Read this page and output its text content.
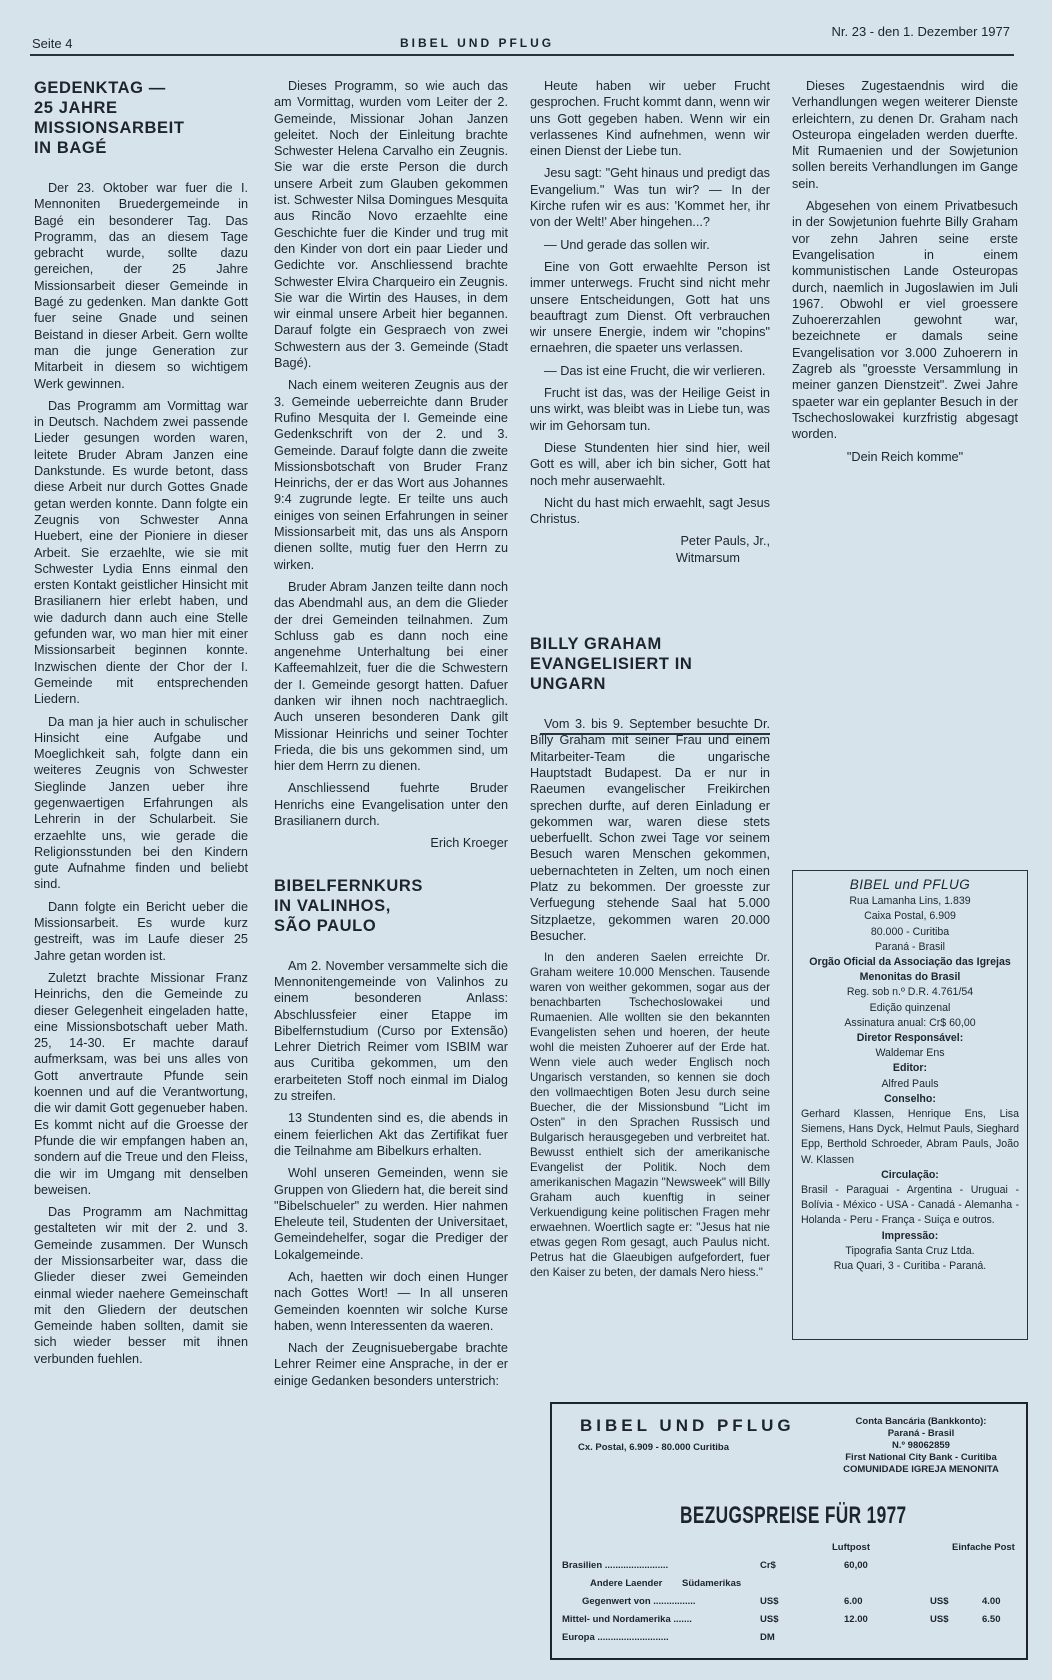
Seite 4	BIBEL UND PFLUG
Nr. 23 - den 1. Dezember 1977
GEDENKTAG —
25 JAHRE
MISSIONSARBEIT
IN BAGÉ

Der 23. Oktober war fuer die I. Mennoniten Bruedergemeinde in Bagé ein besonderer Tag. Das Programm, das an diesem Tage gebracht wurde, sollte dazu gereichen, der 25 Jahre Missionsarbeit dieser Gemeinde in Bagé zu gedenken. Man dankte Gott fuer seine Gnade und seinen Beistand in dieser Arbeit. Gern wollte man die junge Generation zur Mitarbeit in diesem so wichtigem Werk gewinnen.

Das Programm am Vormittag war in Deutsch. Nachdem zwei passende Lieder gesungen worden waren, leitete Bruder Abram Janzen eine Dankstunde. Es wurde betont, dass diese Arbeit nur durch Gottes Gnade getan werden konnte. Dann folgte ein Zeugnis von Schwester Anna Huebert, eine der Pioniere in dieser Arbeit. Sie erzaehlte, wie sie mit Schwester Lydia Enns einmal den ersten Kontakt geistlicher Hinsicht mit Brasilianern hier erlebt haben, und wie dadurch dann auch eine Stelle gefunden war, wo man hier mit einer Missionsarbeit beginnen konnte. Inzwischen diente der Chor der I. Gemeinde mit entsprechenden Liedern.

Da man ja hier auch in schulischer Hinsicht eine Aufgabe und Moeglichkeit sah, folgte dann ein weiteres Zeugnis von Schwester Sieglinde Janzen ueber ihre gegenwaertigen Erfahrungen als Lehrerin in der Schularbeit. Sie erzaehlte uns, wie gerade die Religionsstunden bei den Kindern gute Aufnahme finden und beliebt sind.

Dann folgte ein Bericht ueber die Missionsarbeit. Es wurde kurz gestreift, was im Laufe dieser 25 Jahre getan worden ist.

Zuletzt brachte Missionar Franz Heinrichs, den die Gemeinde zu dieser Gelegenheit eingeladen hatte, eine Missionsbotschaft ueber Math. 25, 14-30. Er machte darauf aufmerksam, was bei uns alles von Gott anvertraute Pfunde sein koennen und auf die Verantwortung, die wir damit Gott gegenueber haben. Es kommt nicht auf die Groesse der Pfunde die wir empfangen haben an, sondern auf die Treue und den Fleiss, die wir im Umgang mit denselben beweisen.

Das Programm am Nachmittag gestalteten wir mit der 2. und 3. Gemeinde zusammen. Der Wunsch der Missionsarbeiter war, dass die Glieder dieser zwei Gemeinden einmal wieder naehere Gemeinschaft mit den Gliedern der deutschen Gemeinde haben sollten, damit sie sich wieder besser mit ihnen verbunden fuehlen.

Dieses Programm, so wie auch das am Vormittag, wurden vom Leiter der 2. Gemeinde, Missionar Johan Janzen geleitet. Noch der Einleitung brachte Schwester Helena Carvalho ein Zeugnis. Sie war die erste Person die durch unsere Arbeit zum Glauben gekommen ist. Schwester Nilsa Domingues Mesquita aus Rincão Novo erzaehlte eine Geschichte fuer die Kinder und trug mit den Kinder von dort ein paar Lieder und Gedichte vor. Anschliessend brachte Schwester Elvira Charqueiro ein Zeugnis. Sie war die Wirtin des Hauses, in dem wir einmal unsere Arbeit hier begannen. Darauf folgte ein Gespraech von zwei Schwestern aus der 3. Gemeinde (Stadt Bagé).

Nach einem weiteren Zeugnis aus der 3. Gemeinde ueberreichte dann Bruder Rufino Mesquita der I. Gemeinde eine Gedenkschrift von der 2. und 3. Gemeinde. Darauf folgte dann die zweite Missionsbotschaft von Bruder Franz Heinrichs, der er das Wort aus Johannes 9:4 zugrunde legte. Er teilte uns auch einiges von seinen Erfahrungen in seiner Missionsarbeit mit, das uns als Ansporn dienen sollte, mutig fuer den Herrn zu wirken.

Bruder Abram Janzen teilte dann noch das Abendmahl aus, an dem die Glieder der drei Gemeinden teilnahmen. Zum Schluss gab es dann noch eine angenehme Unterhaltung bei einer Kaffeemahlzeit, fuer die die Schwestern der I. Gemeinde gesorgt hatten. Dafuer danken wir ihnen noch nachtraeglich. Auch unseren besonderen Dank gilt Missionar Heinrichs und seiner Tochter Frieda, die bis uns gekommen sind, um hier dem Herrn zu dienen.

Anschliessend fuehrte Bruder Henrichs eine Evangelisation unter den Brasilianern durch.

Erich Kroeger

BIBELFERNKURS
IN VALINHOS,
SÃO PAULO

Am 2. November versammelte sich die Mennonitengemeinde von Valinhos zu einem besonderen Anlass: Abschlussfeier einer Etappe im Bibelfernstudium (Curso por Extensão) Lehrer Dietrich Reimer vom ISBIM war aus Curitiba gekommen, um den erarbeiteten Stoff noch einmal im Dialog zu streifen.

13 Stundenten sind es, die abends in einem feierlichen Akt das Zertifikat fuer die Teilnahme am Bibelkurs erhalten.

Wohl unseren Gemeinden, wenn sie Gruppen von Gliedern hat, die bereit sind "Bibelschueler" zu werden. Hier nahmen Eheleute teil, Studenten der Universitaet, Gemeindehelfer, sogar die Prediger der Lokalgemeinde.

Ach, haetten wir doch einen Hunger nach Gottes Wort! — In all unseren Gemeinden koennten wir solche Kurse haben, wenn Interessenten da waeren.

Nach der Zeugnisuebergabe brachte Lehrer Reimer eine Ansprache, in der er einige Gedanken besonders unterstrich:

Heute haben wir ueber Frucht gesprochen. Frucht kommt dann, wenn wir uns Gott gegeben haben. Wenn wir ein verlassenes Kind aufnehmen, wenn wir einen Dienst der Liebe tun.

Jesu sagt: "Geht hinaus und predigt das Evangelium." Was tun wir? — In der Kirche rufen wir es aus: 'Kommet her, ihr von der Welt!' Aber hingehen...?

— Und gerade das sollen wir.

Eine von Gott erwaehlte Person ist immer unterwegs. Frucht sind nicht mehr unsere Entscheidungen, Gott hat uns beauftragt zum Dienst. Oft verbrauchen wir unsere Energie, indem wir "chopins" ernaehren, die spaeter uns verlassen.

— Das ist eine Frucht, die wir verlieren.

Frucht ist das, was der Heilige Geist in uns wirkt, was bleibt was in Liebe tun, was wir im Gehorsam tun.

Diese Stundenten hier sind hier, weil Gott es will, aber ich bin sicher, Gott hat noch mehr auserwaehlt.

Nicht du hast mich erwaehlt, sagt Jesus Christus.

Peter Pauls, Jr.,

Witmarsum

BILLY GRAHAM
EVANGELISIERT IN
UNGARN

Vom 3. bis 9. September besuchte Dr. Billy Graham mit seiner Frau und einem Mitarbeiter-Team die ungarische Hauptstadt Budapest. Da er nur in Raeumen evangelischer Freikirchen sprechen durfte, auf deren Einladung er gekommen war, waren diese stets ueberfuellt. Schon zwei Tage vor seinem Besuch waren Menschen gekommen, uebernachteten in Zelten, um noch einen Platz zu bekommen. Der groesste zur Verfuegung stehende Saal hat 5.000 Sitzplaetze, gekommen waren 20.000 Besucher.

In den anderen Saelen erreichte Dr. Graham weitere 10.000 Menschen. Tausende waren von weither gekommen, sogar aus der benachbarten Tschechoslowakei und Rumaenien. Alle wollten sie den bekannten Evangelisten sehen und hoeren, der heute wohl die meisten Zuhoerer auf der Erde hat. Wenn viele auch weder Englisch noch Ungarisch verstanden, so kennen sie doch den vollmaechtigen Boten Jesu durch seine Buecher, die der Missionsbund "Licht im Osten" in den Sprachen Russisch und Bulgarisch herausgegeben und verbreitet hat. Bewusst enthielt sich der amerikanische Evangelist der Politik. Noch dem amerikanischen Magazin "Newsweek" will Billy Graham auch kuenftig in seiner Verkuendigung keine politischen Fragen mehr erwaehnen. Woertlich sagte er: "Jesus hat nie etwas gegen Rom gesagt, auch Paulus nicht. Petrus hat die Glaeubigen aufgefordert, fuer den Kaiser zu beten, der damals Nero hiess."

Dieses Zugestaendnis wird die Verhandlungen wegen weiterer Dienste erleichtern, zu denen Dr. Graham nach Osteuropa eingeladen werden duerfte. Mit Rumaenien und der Sowjetunion sollen bereits Verhandlungen im Gange sein.

Abgesehen von einem Privatbesuch in der Sowjetunion fuehrte Billy Graham vor zehn Jahren seine erste Evangelisation in einem kommunistischen Lande Osteuropas durch, naemlich in Jugoslawien im Juli 1967. Obwohl er viel groessere Zuhoererzahlen gewohnt war, bezeichnete er damals seine Evangelisation vor 3.000 Zuhoerern in Zagreb als "groesste Versammlung in meiner ganzen Dienstzeit". Zwei Jahre spaeter war ein geplanter Besuch in der Tschechoslowakei kurzfristig abgesagt worden.

"Dein Reich komme"

BIBEL und PFLUG
Rua Lamanha Lins, 1.839
Caixa Postal, 6.909
80.000 - Curitiba
Paraná - Brasil
Orgão Oficial da Associação das Igrejas Menonitas do Brasil
Reg. sob n.º D.R. 4.761/54
Edição quinzenal
Assinatura anual: Cr$ 60,00
Diretor Responsável:
Waldemar Ens
Editor:
Alfred Pauls
Conselho:
Gerhard Klassen, Henrique Ens, Lisa Siemens, Hans Dyck, Helmut Pauls, Sieghard Epp, Berthold Schroeder, Abram Pauls, João W. Klassen
Circulação:
Brasil - Paraguai - Argentina - Uruguai - Bolívia - México - USA - Canadá - Alemanha - Holanda - Peru - França - Suiça e outros.
Impressão:
Tipografia Santa Cruz Ltda.
Rua Quari, 3 - Curitiba - Paraná.
BIBEL UND PFLUG
Cx. Postal, 6.909 - 80.000 Curitiba
Conta Bancária (Bankkonto):
Paraná - Brasil
N.º 98062859
First National City Bank - Curitiba
COMUNIDADE IGREJA MENONITA
BEZUGSPREISE FÜR 1977
Luftpost	Einfache Post
Brasilien ........................	Cr$	60,00
Andere Laender Südamerikas
Gegenwert von ................	US$	6.00	US$	4.00
Mittel- und Nordamerika .......	US$	12.00	US$	6.50
Europa ...........................	DM
